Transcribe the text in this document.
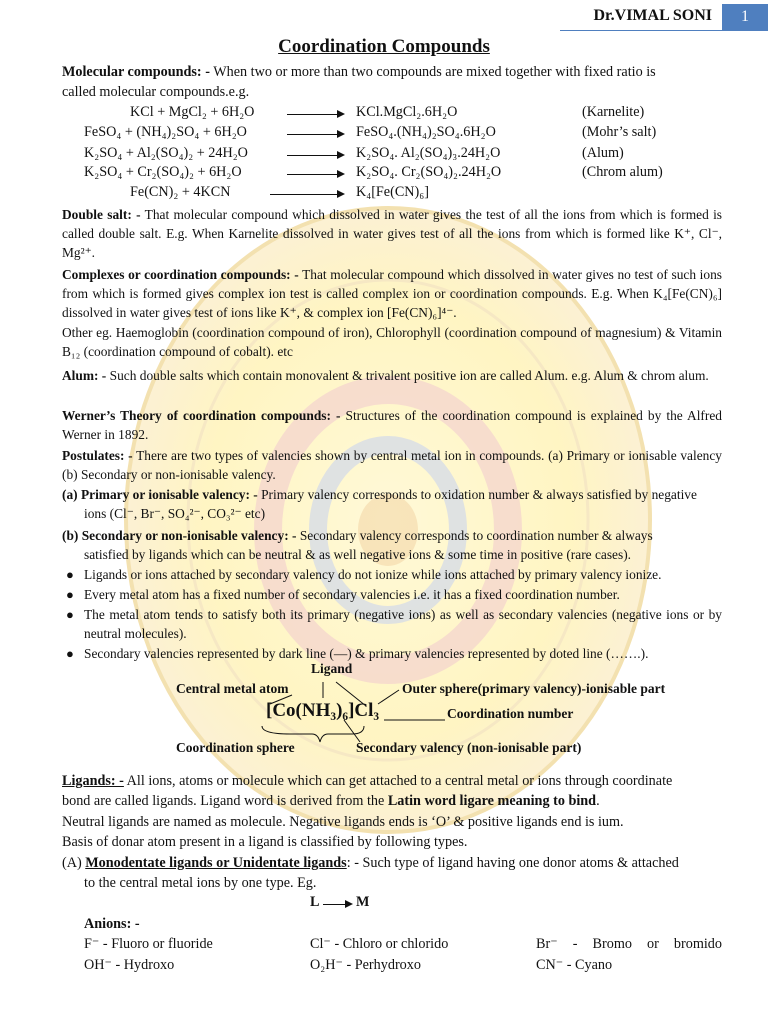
Dr.VIMAL SONI	1
Coordination Compounds
Molecular compounds: - When two or more than two compounds are mixed together with fixed ratio is
called molecular compounds.e.g.
KCl + MgCl₂ + 6H₂O	KCl.MgCl₂.6H₂O	(Karnelite)
FeSO₄ + (NH₄)₂SO₄ + 6H₂O	FeSO₄.(NH₄)₂SO₄.6H₂O	(Mohr’s salt)
K₂SO₄ + Al₂(SO₄)₂ + 24H₂O	K₂SO₄. Al₂(SO₄)₃.24H₂O	(Alum)
K₂SO₄ + Cr₂(SO₄)₂ + 6H₂O	K₂SO₄. Cr₂(SO₄)₂.24H₂O	(Chrom alum)
Fe(CN)₂ + 4KCN	K₄[Fe(CN)₆]
Double salt: - That molecular compound which dissolved in water gives the test of all the ions from which is formed is called double salt. E.g. When Karnelite dissolved in water gives test of all the ions from which is formed like K⁺, Cl⁻, Mg²⁺.
Complexes or coordination compounds: - That molecular compound which dissolved in water gives no test of such ions from which is formed gives complex ion test is called complex ion or coordination compounds. E.g. When K₄[Fe(CN)₆] dissolved in water gives test of ions like K⁺, & complex ion [Fe(CN)₆]⁴⁻.
Other eg. Haemoglobin (coordination compound of iron), Chlorophyll (coordination compound of magnesium) & Vitamin B₁₂ (coordination compound of cobalt). etc
Alum: - Such double salts which contain monovalent & trivalent positive ion are called Alum. e.g. Alum & chrom alum.
Werner’s Theory of coordination compounds: - Structures of the coordination compound is explained by the Alfred Werner in 1892.
Postulates: - There are two types of valencies shown by central metal ion in compounds. (a) Primary or ionisable valency (b) Secondary or non-ionisable valency.
(a) Primary or ionisable valency: - Primary valency corresponds to oxidation number & always satisfied by negative
ions (Cl⁻, Br⁻, SO₄²⁻, CO₃²⁻ etc)
(b) Secondary or non-ionisable valency: - Secondary valency corresponds to coordination number & always
satisfied by ligands which can be neutral & as well negative ions & some time in positive (rare cases).
● Ligands or ions attached by secondary valency do not ionize while ions attached by primary valency ionize.
● Every metal atom has a fixed number of secondary valencies i.e. it has a fixed coordination number.
● The metal atom tends to satisfy both its primary (negative ions) as well as secondary valencies (negative ions or by neutral molecules).
● Secondary valencies represented by dark line (—) & primary valencies represented by doted line (…….).
Ligand
Central metal atom	Outer sphere(primary valency)-ionisable part
[Co(NH₃)₆]Cl₃	Coordination number
Coordination sphere	Secondary valency (non-ionisable part)
Ligands: - All ions, atoms or molecule which can get attached to a central metal or ions through coordinate
bond are called ligands. Ligand word is derived from the Latin word ligare meaning to bind.
Neutral ligands are named as molecule. Negative ligands ends is ‘O’ & positive ligands end is ium.
Basis of donar atom present in a ligand is classified by following types.
(A) Monodentate ligands or Unidentate ligands: - Such type of ligand having one donor atoms & attached
to the central metal ions by one type. Eg.
L	M
Anions: -
F⁻ - Fluoro or fluoride	Cl⁻ - Chloro or chlorido	Br⁻ - Bromo or bromido
OH⁻ - Hydroxo	O₂H⁻ - Perhydroxo	CN⁻ - Cyano
